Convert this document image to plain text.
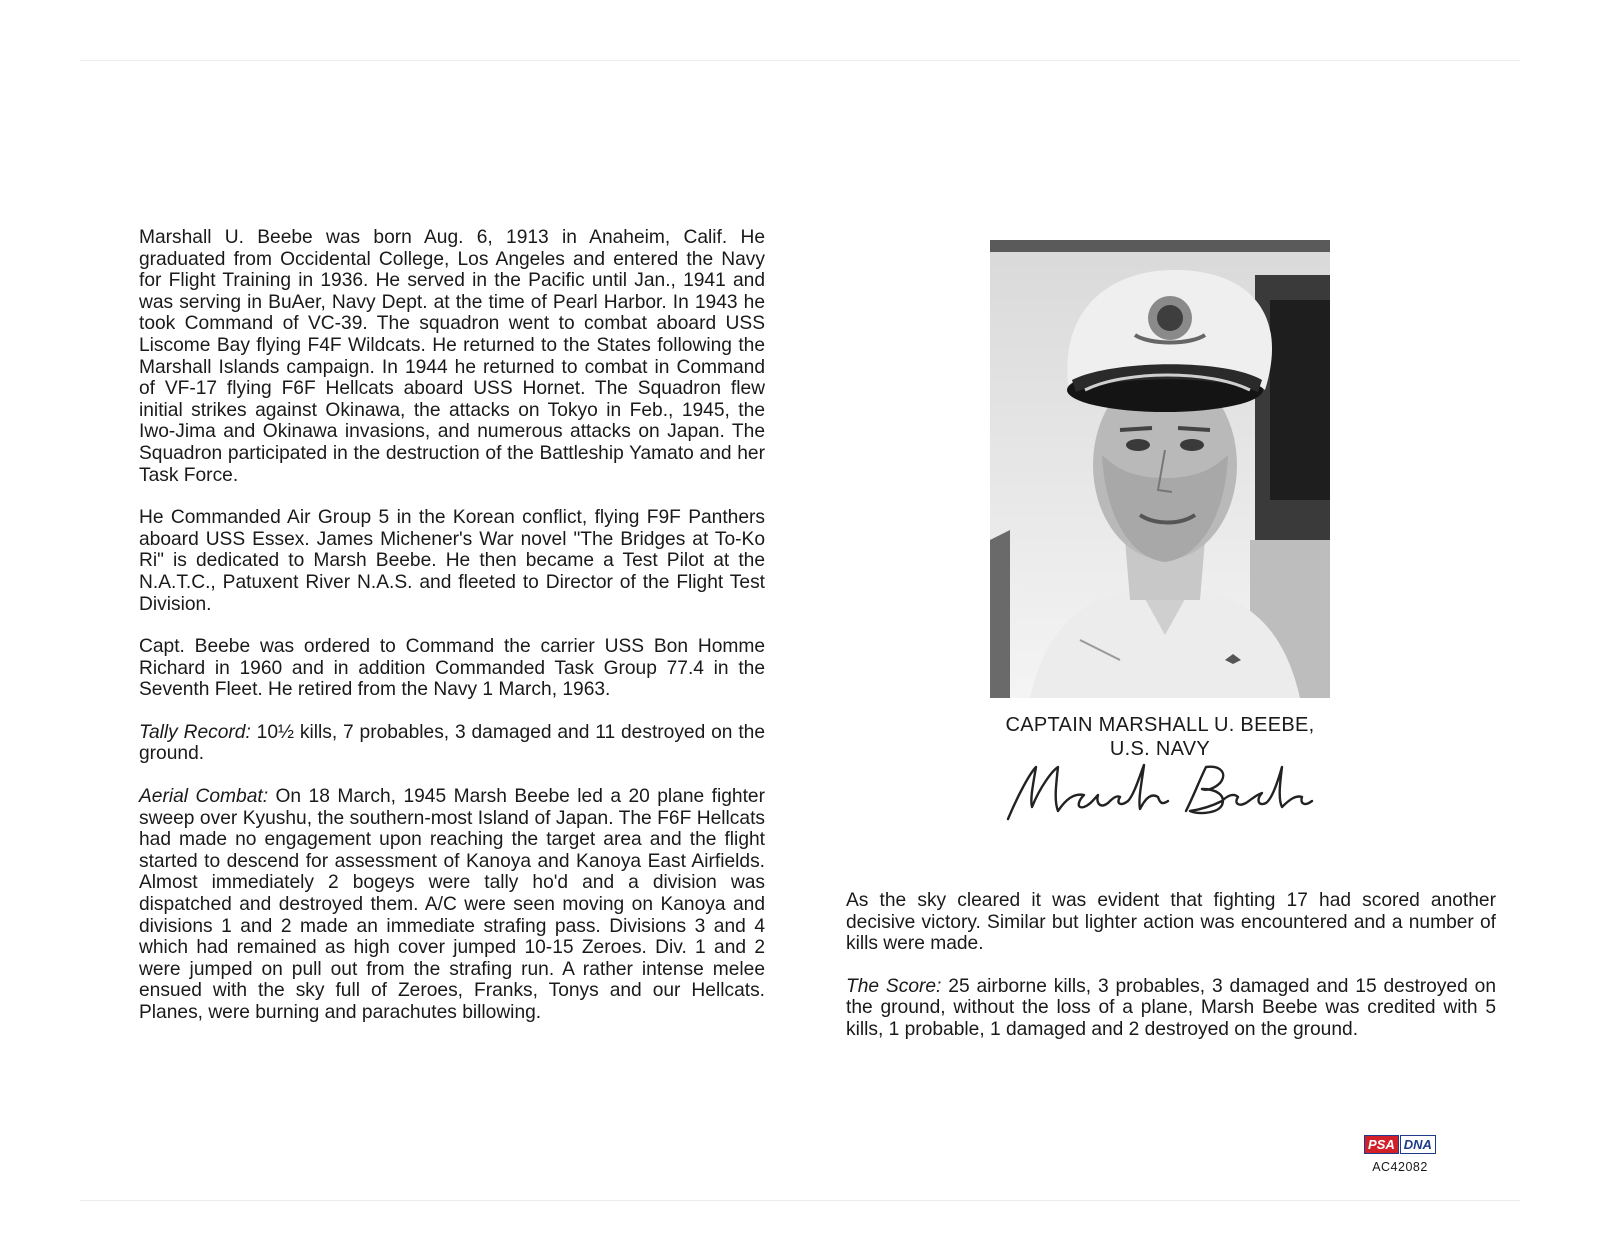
Marshall U. Beebe was born Aug. 6, 1913 in Anaheim, Calif. He graduated from Occidental College, Los Angeles and entered the Navy for Flight Training in 1936. He served in the Pacific until Jan., 1941 and was serving in BuAer, Navy Dept. at the time of Pearl Harbor. In 1943 he took Command of VC-39. The squadron went to combat aboard USS Liscome Bay flying F4F Wildcats. He returned to the States following the Marshall Islands campaign. In 1944 he returned to combat in Command of VF-17 flying F6F Hellcats aboard USS Hornet. The Squadron flew initial strikes against Okinawa, the attacks on Tokyo in Feb., 1945, the Iwo-Jima and Okinawa invasions, and numerous attacks on Japan. The Squadron participated in the destruction of the Battleship Yamato and her Task Force.

He Commanded Air Group 5 in the Korean conflict, flying F9F Panthers aboard USS Essex. James Michener's War novel "The Bridges at To-Ko Ri" is dedicated to Marsh Beebe. He then became a Test Pilot at the N.A.T.C., Patuxent River N.A.S. and fleeted to Director of the Flight Test Division.

Capt. Beebe was ordered to Command the carrier USS Bon Homme Richard in 1960 and in addition Commanded Task Group 77.4 in the Seventh Fleet. He retired from the Navy 1 March, 1963.

Tally Record: 10½ kills, 7 probables, 3 damaged and 11 destroyed on the ground.

Aerial Combat: On 18 March, 1945 Marsh Beebe led a 20 plane fighter sweep over Kyushu, the southern-most Island of Japan. The F6F Hellcats had made no engagement upon reaching the target area and the flight started to descend for assessment of Kanoya and Kanoya East Airfields. Almost immediately 2 bogeys were tally ho'd and a division was dispatched and destroyed them. A/C were seen moving on Kanoya and divisions 1 and 2 made an immediate strafing pass. Divisions 3 and 4 which had remained as high cover jumped 10-15 Zeroes. Div. 1 and 2 were jumped on pull out from the strafing run. A rather intense melee ensued with the sky full of Zeroes, Franks, Tonys and our Hellcats. Planes, were burning and parachutes billowing.

CAPTAIN MARSHALL U. BEEBE,
U.S. NAVY

As the sky cleared it was evident that fighting 17 had scored another decisive victory. Similar but lighter action was encountered and a number of kills were made.

The Score: 25 airborne kills, 3 probables, 3 damaged and 15 destroyed on the ground, without the loss of a plane, Marsh Beebe was credited with 5 kills, 1 probable, 1 damaged and 2 destroyed on the ground.

PSA DNA
AC42082
